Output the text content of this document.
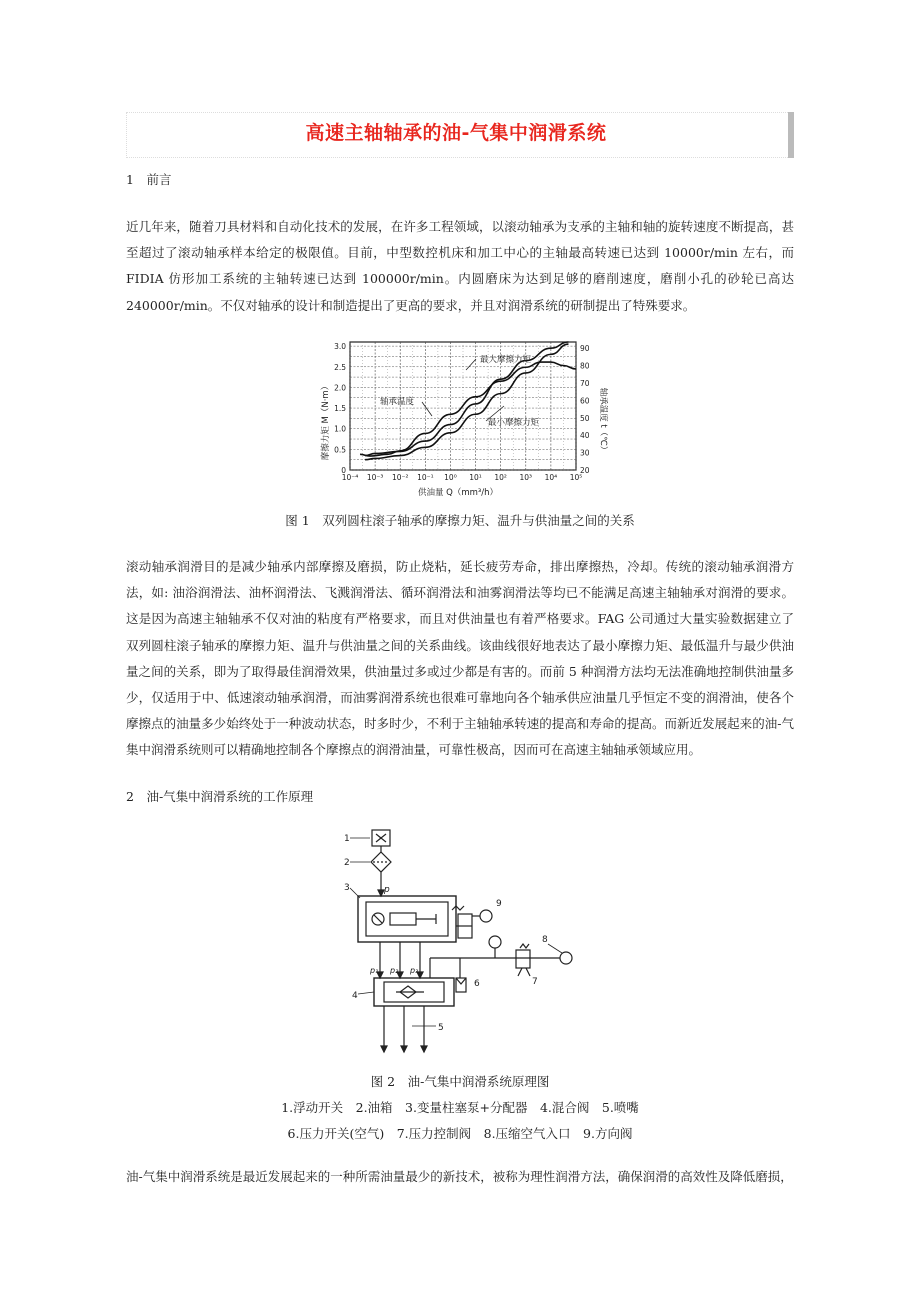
高速主轴轴承的油-气集中润滑系统
1　前言
近几年来，随着刀具材料和自动化技术的发展，在许多工程领域，以滚动轴承为支承的主轴和轴的旋转速度不断提高，甚至超过了滚动轴承样本给定的极限值。目前，中型数控机床和加工中心的主轴最高转速已达到 10000r/min 左右，而 FIDIA 仿形加工系统的主轴转速已达到 100000r/min。内圆磨床为达到足够的磨削速度，磨削小孔的砂轮已高达 240000r/min。不仅对轴承的设计和制造提出了更高的要求，并且对润滑系统的研制提出了特殊要求。
10⁻⁴ 10⁻³ 10⁻² 10⁻¹ 10⁰ 10¹ 10² 10³ 10⁴ 10⁵
0
0.5
1.0
1.5
2.0
2.5
3.0
20
30
40
50
60
70
80
90
摩擦力矩 M（N·m）	轴承温度 t（℃）
供油量 Q（mm³/h）
最大摩擦力矩
最小摩擦力矩
轴承温度
图 1　双列圆柱滚子轴承的摩擦力矩、温升与供油量之间的关系
滚动轴承润滑目的是减少轴承内部摩擦及磨损，防止烧粘，延长疲劳寿命，排出摩擦热，冷却。传统的滚动轴承润滑方法，如: 油浴润滑法、油杯润滑法、飞溅润滑法、循环润滑法和油雾润滑法等均已不能满足高速主轴轴承对润滑的要求。这是因为高速主轴轴承不仅对油的粘度有严格要求，而且对供油量也有着严格要求。FAG 公司通过大量实验数据建立了双列圆柱滚子轴承的摩擦力矩、温升与供油量之间的关系曲线。该曲线很好地表达了最小摩擦力矩、最低温升与最少供油量之间的关系，即为了取得最佳润滑效果，供油量过多或过少都是有害的。而前 5 种润滑方法均无法准确地控制供油量多少，仅适用于中、低速滚动轴承润滑，而油雾润滑系统也很难可靠地向各个轴承供应油量几乎恒定不变的润滑油，使各个摩擦点的油量多少始终处于一种波动状态，时多时少，不利于主轴轴承转速的提高和寿命的提高。而新近发展起来的油-气集中润滑系统则可以精确地控制各个摩擦点的润滑油量，可靠性极高，因而可在高速主轴轴承领域应用。
2　油-气集中润滑系统的工作原理
1
2
3
4
5
6	7
8
9
p
p₁ p₂ p₃
图 2　油-气集中润滑系统原理图
1.浮动开关　2.油箱　3.变量柱塞泵+分配器　4.混合阀　5.喷嘴
6.压力开关(空气)　7.压力控制阀　8.压缩空气入口　9.方向阀
油-气集中润滑系统是最近发展起来的一种所需油量最少的新技术，被称为理性润滑方法，确保润滑的高效性及降低磨损，
